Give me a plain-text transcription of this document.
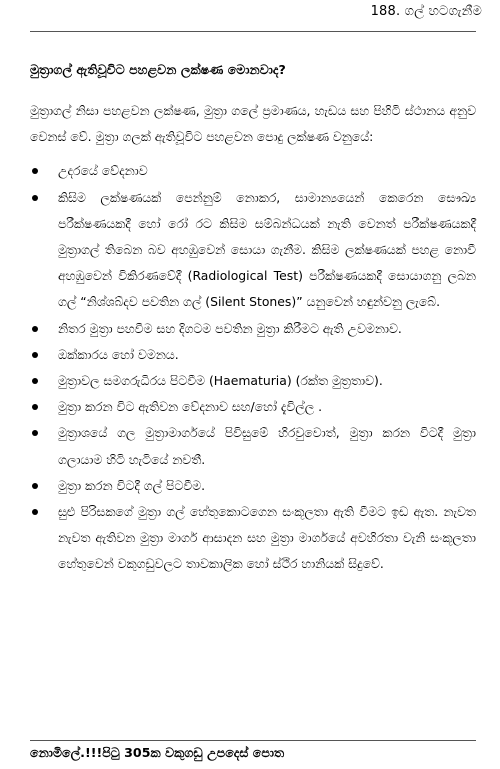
188. ගල් හටගැනීම

මුත්‍රාගල් ඇතිවූවිට පහළවන ලක්ෂණ මොනවාද?

මුත්‍රාගල් නිසා පහළවන ලක්ෂණ, මුත්‍රා ගලේ ප්‍රමාණය, හැඩය සහ පිහිටි ස්ථානය අනුව වෙනස් වේ. මුත්‍රා ගලක් ඇතිවූවිට පහළවන පොදු ලක්ෂණ වනුයේ:

උදරයේ වේදනාව
කිසිම ලක්ෂණයක් පෙන්නුම් නොකර, සාමාන්‍යයෙන් කෙරෙන සෞඛ්‍ය පරීක්ෂණයකදී හෝ රෝ ‍රට කිසිම සම්බන්ධයක් නැති වෙනත් පරීක්ෂණයකදී මුත්‍රාගල් තිබෙන බව අහඹුවෙන් සොයා ගැනීම. කිසිම ලක්ෂණයක් පහළ නොවී අහඹුවෙන් විකිරණවේදී (Radiological Test) පරීක්ෂණයකදී සොයාගනු ලබන ගල් “නිශ්ශබ්දව පවතින ගල් (Silent Stones)” යනුවෙන් හඳුන්වනු ලැබේ.
නිතර මුත්‍රා පහවීම සහ දිගටම පවතින මුත්‍රා කිරීමට ඇති උවමනාව.
ඔක්කාරය හෝ වමනය.
මුත්‍රාවල සමගරුධිරය පිටවීම (Haematuria) (රක්ත මුත්‍රතාව).
මුත්‍රා කරන විට ඇතිවන වේදනාව සහ/හෝ දැවිල්ල .
මුත්‍රාශයේ ගල මුත්‍රාමාර්ගයේ පිවිසුමේ හිරවුවොත්, මුත්‍රා කරන විටදී මුත්‍රා ගලායාම හිටි හැටියේ නවතී.
මුත්‍රා කරන විටදී ගල් පිටවීම.
සුළු පිරිසකගේ මුත්‍රා ගල් හේතුකොටගෙන සංකූලතා ඇති වීමට ඉඩ ඇත. නැවත නැවත ඇතිවන මුත්‍රා මාර්ග ආසාදන සහ මුත්‍රා මාර්ගයේ අවහිරතා වැනි සංකූලතා හේතුවෙන් වකුගඩුවලට තාවකාලික හෝ ස්ථිර හානියක් සිදුවේ.
නොමිලේ.!!!පිටු 305ක වකුගඩු උපදෙස් පොත
